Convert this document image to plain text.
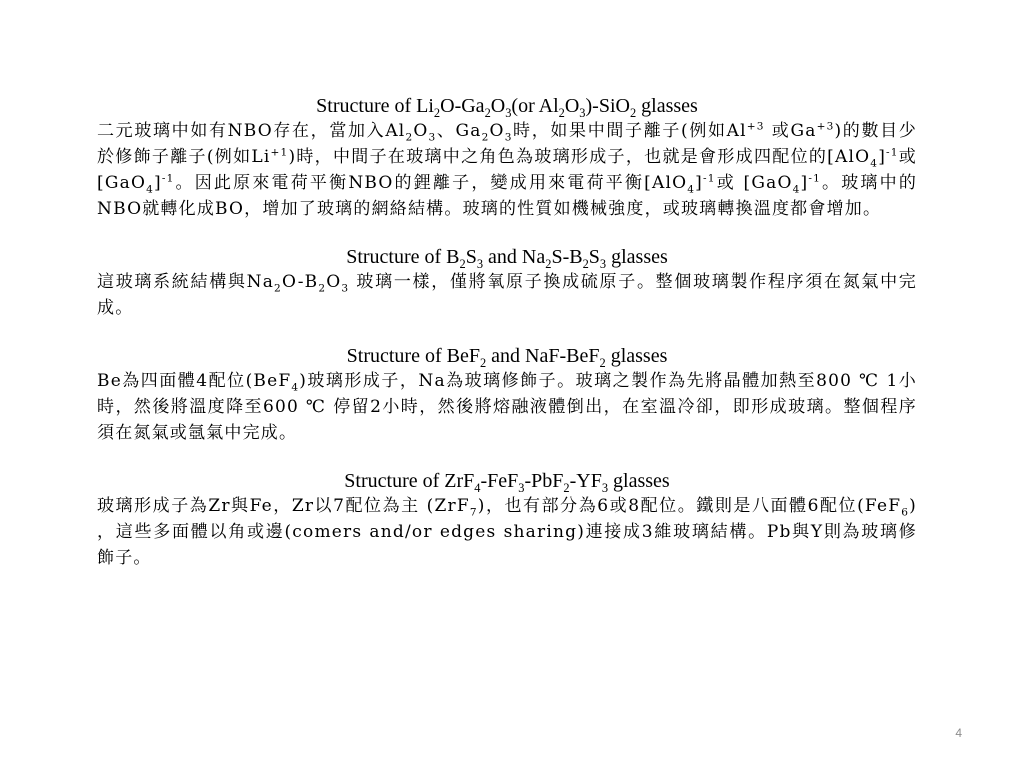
Structure of $Li_2O-Ga_2O_3(or$ $Al_2O_3)-SiO_2$ glasses
二元玻璃中如有NBO存在，當加入$Al_2O_3$、$Ga_2O_3$時，如果中間子離子(例如$Al^{+3}$ 或$Ga^{+3}$)的數目少於修飾子離子(例如$Li^{+1}$)時，中間子在玻璃中之角色為玻璃形成子，也就是會形成四配位的$[AlO_4]^{-1}$或 $[GaO_4]^{-1}$。因此原來電荷平衡NBO的鋰離子，變成用來電荷平衡$[AlO_4]^{-1}$或 $[GaO_4]^{-1}$。玻璃中的NBO就轉化成BO，增加了玻璃的網絡結構。玻璃的性質如機械強度，或玻璃轉換溫度都會增加。
Structure of $B_2S_3$ and $Na_2S-B_2S_3$ glasses
這玻璃系統結構與$Na_2O-B_2O_3$ 玻璃一樣，僅將氧原子換成硫原子。整個玻璃製作程序須在氮氣中完成。
Structure of BeF$_2$ and NaF-BeF$_2$ glasses
Be為四面體4配位(BeF$_4$)玻璃形成子，Na為玻璃修飾子。玻璃之製作為先將晶體加熱至800 ℃ 1小時，然後將溫度降至600 ℃ 停留2小時，然後將熔融液體倒出，在室溫冷卻，即形成玻璃。整個程序須在氮氣或氬氣中完成。
Structure of $ZrF_4-FeF_3-PbF_2-YF_3$ glasses
玻璃形成子為Zr與Fe，Zr以7配位為主 (ZrF$_7$)，也有部分為6或8配位。鐵則是八面體6配位(FeF$_6$) ，這些多面體以角或邊(comers and/or edges sharing)連接成3維玻璃結構。Pb與Y則為玻璃修飾子。
4
